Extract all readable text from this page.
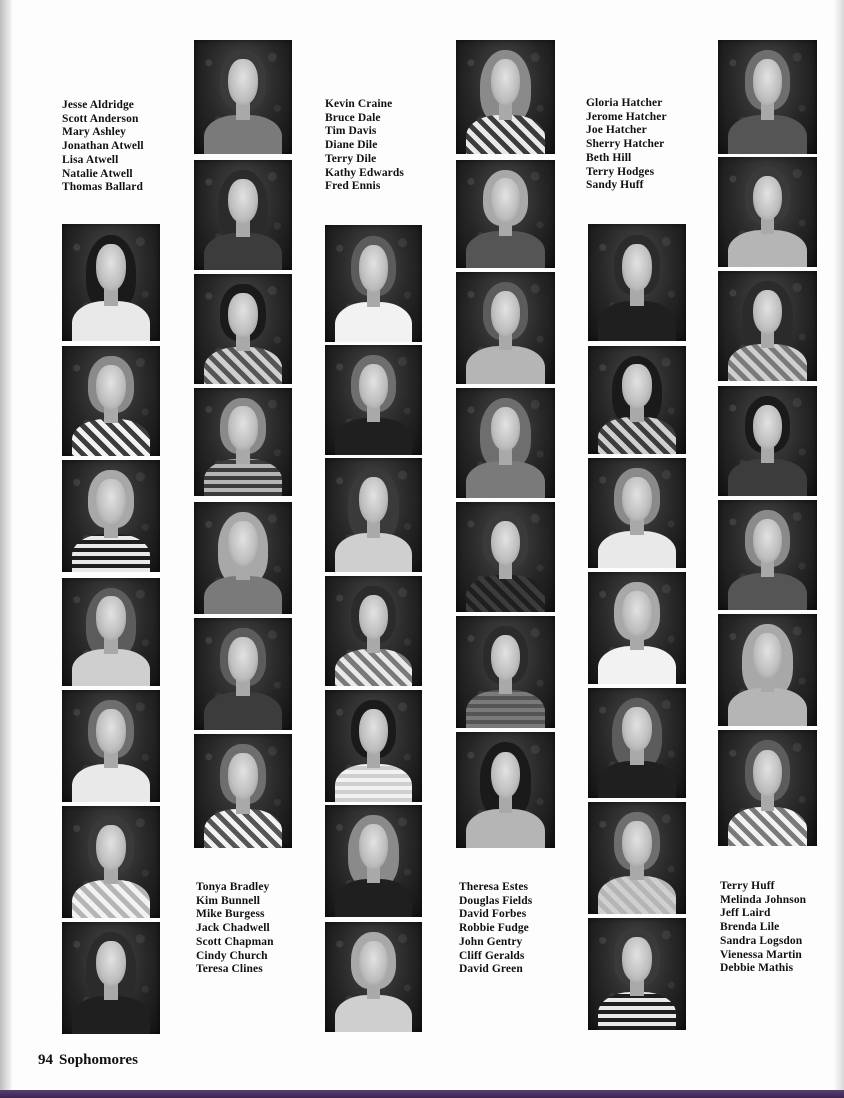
Jesse Aldridge
Scott Anderson
Mary Ashley
Jonathan Atwell
Lisa Atwell
Natalie Atwell
Thomas Ballard
Kevin Craine
Bruce Dale
Tim Davis
Diane Dile
Terry Dile
Kathy Edwards
Fred Ennis
Gloria Hatcher
Jerome Hatcher
Joe Hatcher
Sherry Hatcher
Beth Hill
Terry Hodges
Sandy Huff
Tonya Bradley
Kim Bunnell
Mike Burgess
Jack Chadwell
Scott Chapman
Cindy Church
Teresa Clines
Theresa Estes
Douglas Fields
David Forbes
Robbie Fudge
John Gentry
Cliff Geralds
David Green
Terry Huff
Melinda Johnson
Jeff Laird
Brenda Lile
Sandra Logsdon
Vienessa Martin
Debbie Mathis
94 Sophomores
